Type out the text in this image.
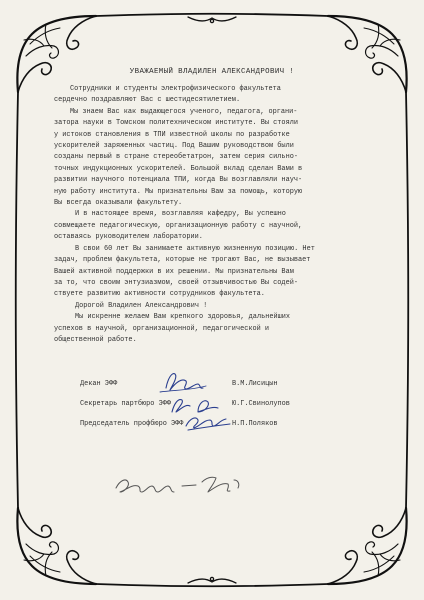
УВАЖАЕМЫЙ ВЛАДИЛЕН АЛЕКСАНДРОВИЧ !
Сотрудники и студенты электрофизического факультета
сердечно поздравляют Вас с шестидесятилетием.
Мы знаем Вас как выдающегося ученого, педагога, органи-
затора науки в Томском политехническом институте. Вы стояли
у истоков становления в ТПИ известной школы по разработке
ускорителей заряженных частиц. Под Вашим руководством были
созданы первый в стране стереобетатрон, затем серия сильно-
точных индукционных ускорителей. Большой вклад сделан Вами в
развитии научного потенциала ТПИ, когда Вы возглавляли науч-
ную работу института. Мы признательны Вам за помощь, которую
Вы всегда оказывали факультету.
И в настоящее время, возглавляя кафедру, Вы успешно
совмещаете педагогическую, организационную работу с научной,
оставаясь руководителем лаборатории.
В свои 60 лет Вы занимаете активную жизненную позицию. Нет
задач, проблем факультета, которые не трогают Вас, не вызывает
Вашей активной поддержки в их решении. Мы признательны Вам
за то, что своим энтузиазмом, своей отзывчивостью Вы содей-
ствуете развитию активности сотрудников факультета.
Дорогой Владилен Александрович !
Мы искренне желаем Вам крепкого здоровья, дальнейших
успехов в научной, организационной, педагогической и
общественной работе.
Декан ЭФФ	В.М.Лисицын
Секретарь партбюро ЭФФ	Ю.Г.Свинолупов
Председатель профбюро ЭФФ	Н.П.Поляков
